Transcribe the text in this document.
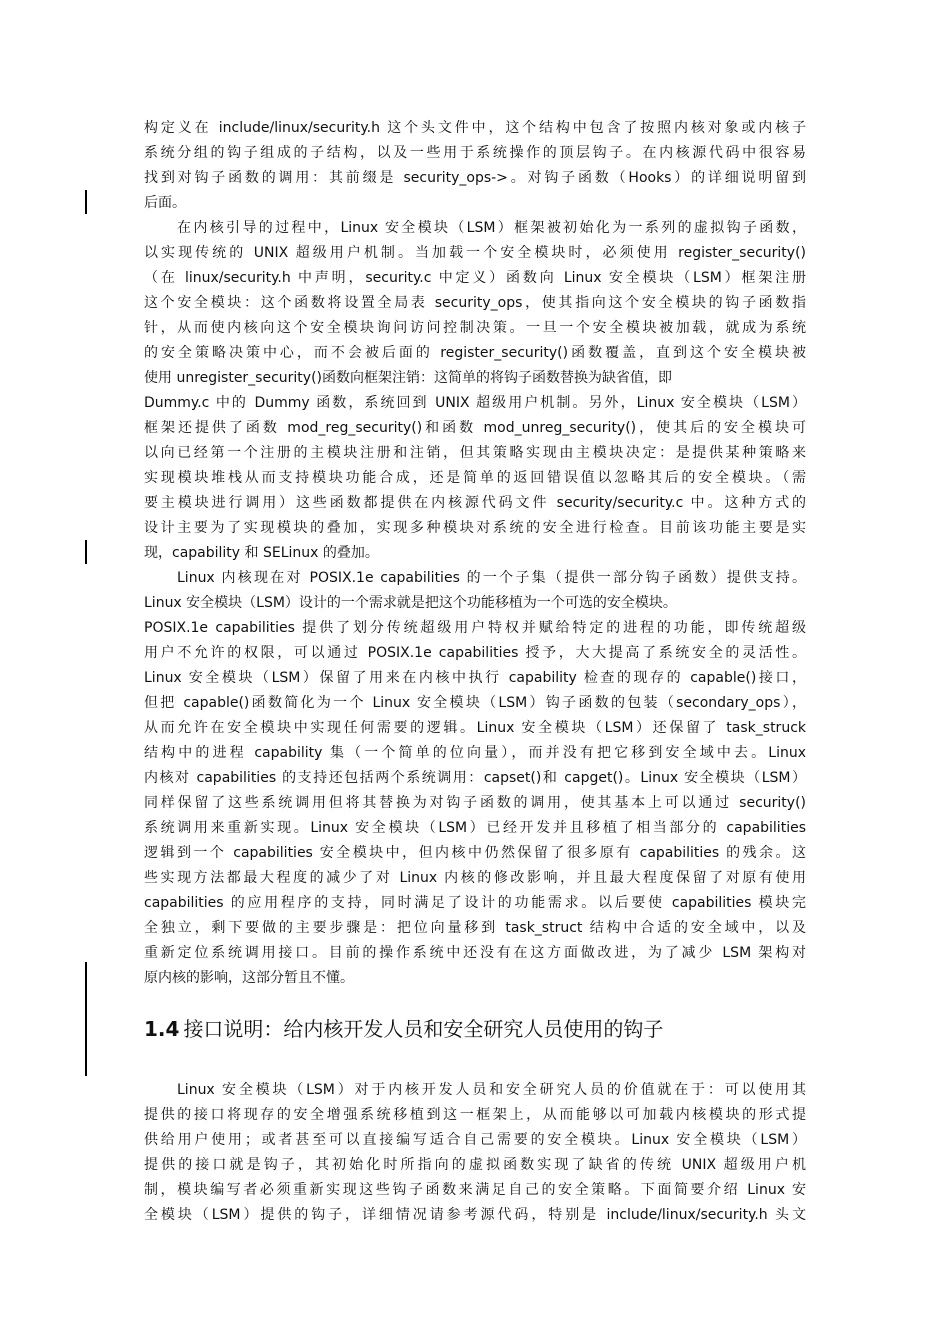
构定义在 include/linux/security.h 这个头文件中，这个结构中包含了按照内核对象或内核子
系统分组的钩子组成的子结构，以及一些用于系统操作的顶层钩子。在内核源代码中很容易
找到对钩子函数的调用：其前缀是 security_ops->。对钩子函数（Hooks）的详细说明留到
后面。
在内核引导的过程中，Linux 安全模块（LSM）框架被初始化为一系列的虚拟钩子函数，
以实现传统的 UNIX 超级用户机制。当加载一个安全模块时，必须使用 register_security()
（在 linux/security.h 中声明，security.c 中定义）函数向 Linux 安全模块（LSM）框架注册
这个安全模块：这个函数将设置全局表 security_ops，使其指向这个安全模块的钩子函数指
针，从而使内核向这个安全模块询问访问控制决策。一旦一个安全模块被加载，就成为系统
的安全策略决策中心，而不会被后面的 register_security()函数覆盖，直到这个安全模块被
使用 unregister_security()函数向框架注销：这简单的将钩子函数替换为缺省值，即
Dummy.c 中的 Dummy 函数，系统回到 UNIX 超级用户机制。另外，Linux 安全模块（LSM）
框架还提供了函数 mod_reg_security()和函数 mod_unreg_security()，使其后的安全模块可
以向已经第一个注册的主模块注册和注销，但其策略实现由主模块决定：是提供某种策略来
实现模块堆栈从而支持模块功能合成，还是简单的返回错误值以忽略其后的安全模块。（需
要主模块进行调用）这些函数都提供在内核源代码文件 security/security.c 中。这种方式的
设计主要为了实现模块的叠加，实现多种模块对系统的安全进行检查。目前该功能主要是实
现，capability 和 SELinux 的叠加。
Linux 内核现在对 POSIX.1e capabilities 的一个子集（提供一部分钩子函数）提供支持。
Linux 安全模块（LSM）设计的一个需求就是把这个功能移植为一个可选的安全模块。
POSIX.1e capabilities 提供了划分传统超级用户特权并赋给特定的进程的功能，即传统超级
用户不允许的权限，可以通过 POSIX.1e capabilities 授予，大大提高了系统安全的灵活性。
Linux 安全模块（LSM）保留了用来在内核中执行 capability 检查的现存的 capable()接口，
但把 capable()函数简化为一个 Linux 安全模块（LSM）钩子函数的包装（secondary_ops），
从而允许在安全模块中实现任何需要的逻辑。Linux 安全模块（LSM）还保留了 task_struck
结构中的进程 capability 集（一个简单的位向量），而并没有把它移到安全域中去。Linux
内核对 capabilities 的支持还包括两个系统调用：capset()和 capget()。Linux 安全模块（LSM）
同样保留了这些系统调用但将其替换为对钩子函数的调用，使其基本上可以通过 security()
系统调用来重新实现。Linux 安全模块（LSM）已经开发并且移植了相当部分的 capabilities
逻辑到一个 capabilities 安全模块中，但内核中仍然保留了很多原有 capabilities 的残余。这
些实现方法都最大程度的减少了对 Linux 内核的修改影响，并且最大程度保留了对原有使用
capabilities 的应用程序的支持，同时满足了设计的功能需求。以后要使 capabilities 模块完
全独立，剩下要做的主要步骤是：把位向量移到 task_struct 结构中合适的安全域中，以及
重新定位系统调用接口。目前的操作系统中还没有在这方面做改进，为了减少 LSM 架构对
原内核的影响，这部分暂且不懂。
1.4 接口说明：给内核开发人员和安全研究人员使用的钩子
Linux 安全模块（LSM）对于内核开发人员和安全研究人员的价值就在于：可以使用其
提供的接口将现存的安全增强系统移植到这一框架上，从而能够以可加载内核模块的形式提
供给用户使用；或者甚至可以直接编写适合自己需要的安全模块。Linux 安全模块（LSM）
提供的接口就是钩子，其初始化时所指向的虚拟函数实现了缺省的传统 UNIX 超级用户机
制，模块编写者必须重新实现这些钩子函数来满足自己的安全策略。下面简要介绍 Linux 安
全模块（LSM）提供的钩子，详细情况请参考源代码，特别是 include/linux/security.h 头文
